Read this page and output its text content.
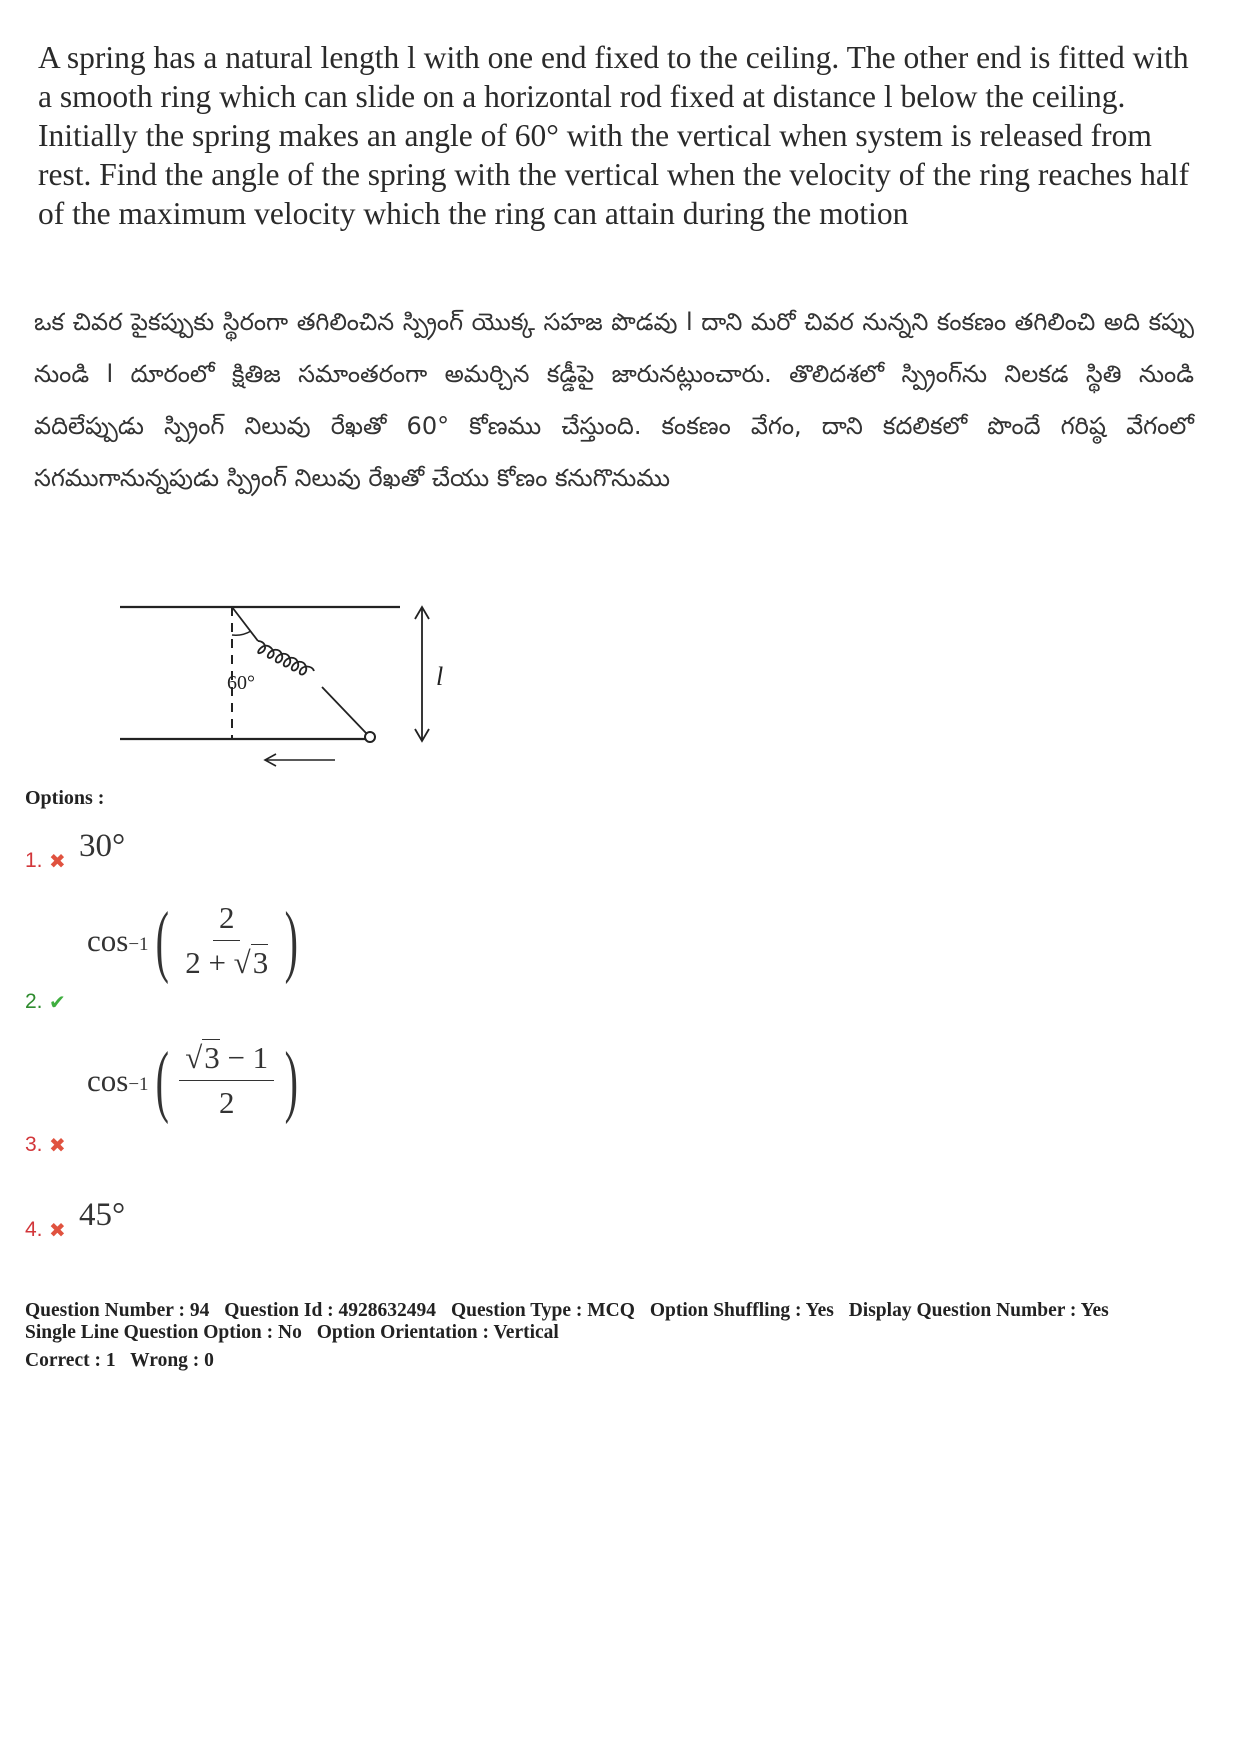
A spring has a natural length l with one end fixed to the ceiling. The other end is fitted with a smooth ring which can slide on a horizontal rod fixed at distance l below the ceiling. Initially the spring makes an angle of 60° with the vertical when system is released from rest. Find the angle of the spring with the vertical when the velocity of the ring reaches half of the maximum velocity which the ring can attain during the motion
ఒక చివర పైకప్పుకు స్థిరంగా తగిలించిన స్ప్రింగ్ యొక్క సహజ పొడవు l దాని మరో చివర నున్నని కంకణం తగిలించి అది కప్పు నుండి l దూరంలో క్షితిజ సమాంతరంగా అమర్చిన కడ్డీపై జారునట్లుంచారు. తొలిదశలో స్ప్రింగ్‌ను నిలకడ స్థితి నుండి వదిలేప్పుడు స్ప్రింగ్ నిలువు రేఖతో 60° కోణము చేస్తుంది. కంకణం వేగం, దాని కదలికలో పొందే గరిష్ఠ వేగంలో సగముగానున్నపుడు స్ప్రింగ్ నిలువు రేఖతో చేయు కోణం కనుగొనుము
60°	l
Options :
1. ✖ 30°
2. ✔
cos −1 ( $\frac{2}{2 + √3}$ )
3. ✖
cos −1 ( $\frac{√3 - 1}{2}$ )
4. ✖ 45°
Question Number : 94 Question Id : 4928632494 Question Type : MCQ Option Shuffling : Yes Display Question Number : Yes
Single Line Question Option : No Option Orientation : Vertical
Correct : 1 Wrong : 0
